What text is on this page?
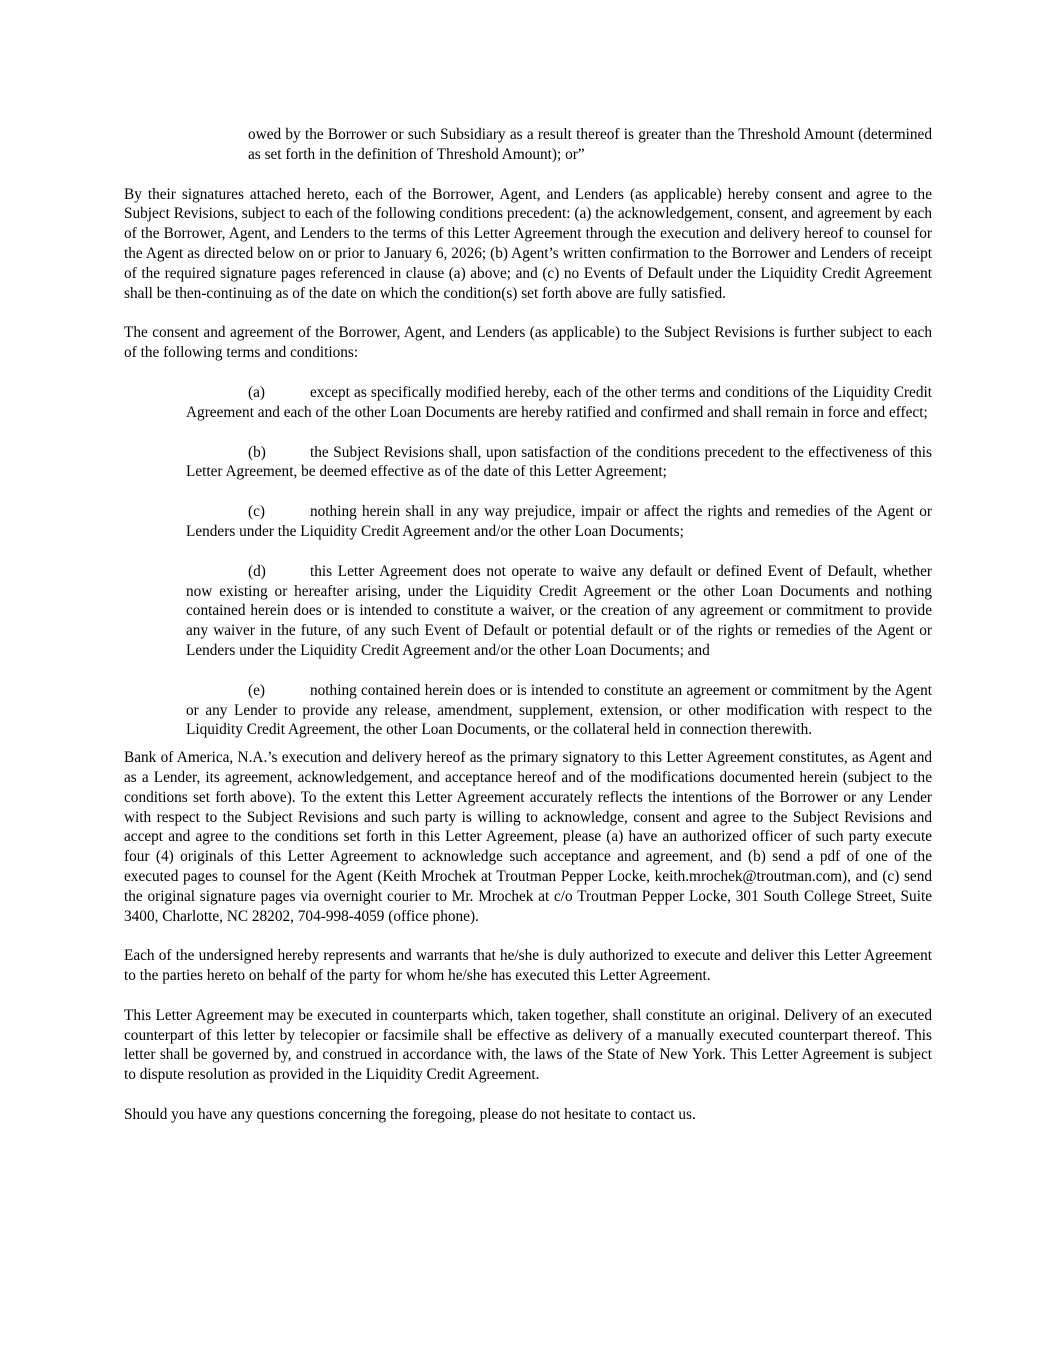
owed by the Borrower or such Subsidiary as a result thereof is greater than the Threshold Amount (determined as set forth in the definition of Threshold Amount); or”

By their signatures attached hereto, each of the Borrower, Agent, and Lenders (as applicable) hereby consent and agree to the Subject Revisions, subject to each of the following conditions precedent: (a) the acknowledgement, consent, and agreement by each of the Borrower, Agent, and Lenders to the terms of this Letter Agreement through the execution and delivery hereof to counsel for the Agent as directed below on or prior to January 6, 2026; (b) Agent’s written confirmation to the Borrower and Lenders of receipt of the required signature pages referenced in clause (a) above; and (c) no Events of Default under the Liquidity Credit Agreement shall be then-continuing as of the date on which the condition(s) set forth above are fully satisfied.

The consent and agreement of the Borrower, Agent, and Lenders (as applicable) to the Subject Revisions is further subject to each of the following terms and conditions:

(a)	except as specifically modified hereby, each of the other terms and conditions of the Liquidity Credit Agreement and each of the other Loan Documents are hereby ratified and confirmed and shall remain in force and effect;

(b)	the Subject Revisions shall, upon satisfaction of the conditions precedent to the effectiveness of this Letter Agreement, be deemed effective as of the date of this Letter Agreement;

(c)	nothing herein shall in any way prejudice, impair or affect the rights and remedies of the Agent or Lenders under the Liquidity Credit Agreement and/or the other Loan Documents;

(d)	this Letter Agreement does not operate to waive any default or defined Event of Default, whether now existing or hereafter arising, under the Liquidity Credit Agreement or the other Loan Documents and nothing contained herein does or is intended to constitute a waiver, or the creation of any agreement or commitment to provide any waiver in the future, of any such Event of Default or potential default or of the rights or remedies of the Agent or Lenders under the Liquidity Credit Agreement and/or the other Loan Documents; and

(e)	nothing contained herein does or is intended to constitute an agreement or commitment by the Agent or any Lender to provide any release, amendment, supplement, extension, or other modification with respect to the Liquidity Credit Agreement, the other Loan Documents, or the collateral held in connection therewith.

Bank of America, N.A.’s execution and delivery hereof as the primary signatory to this Letter Agreement constitutes, as Agent and as a Lender, its agreement, acknowledgement, and acceptance hereof and of the modifications documented herein (subject to the conditions set forth above). To the extent this Letter Agreement accurately reflects the intentions of the Borrower or any Lender with respect to the Subject Revisions and such party is willing to acknowledge, consent and agree to the Subject Revisions and accept and agree to the conditions set forth in this Letter Agreement, please (a) have an authorized officer of such party execute four (4) originals of this Letter Agreement to acknowledge such acceptance and agreement, and (b) send a pdf of one of the executed pages to counsel for the Agent (Keith Mrochek at Troutman Pepper Locke, keith.mrochek@troutman.com), and (c) send the original signature pages via overnight courier to Mr. Mrochek at c/o Troutman Pepper Locke, 301 South College Street, Suite 3400, Charlotte, NC 28202, 704-998-4059 (office phone).

Each of the undersigned hereby represents and warrants that he/she is duly authorized to execute and deliver this Letter Agreement to the parties hereto on behalf of the party for whom he/she has executed this Letter Agreement.

This Letter Agreement may be executed in counterparts which, taken together, shall constitute an original. Delivery of an executed counterpart of this letter by telecopier or facsimile shall be effective as delivery of a manually executed counterpart thereof. This letter shall be governed by, and construed in accordance with, the laws of the State of New York. This Letter Agreement is subject to dispute resolution as provided in the Liquidity Credit Agreement.

Should you have any questions concerning the foregoing, please do not hesitate to contact us.
